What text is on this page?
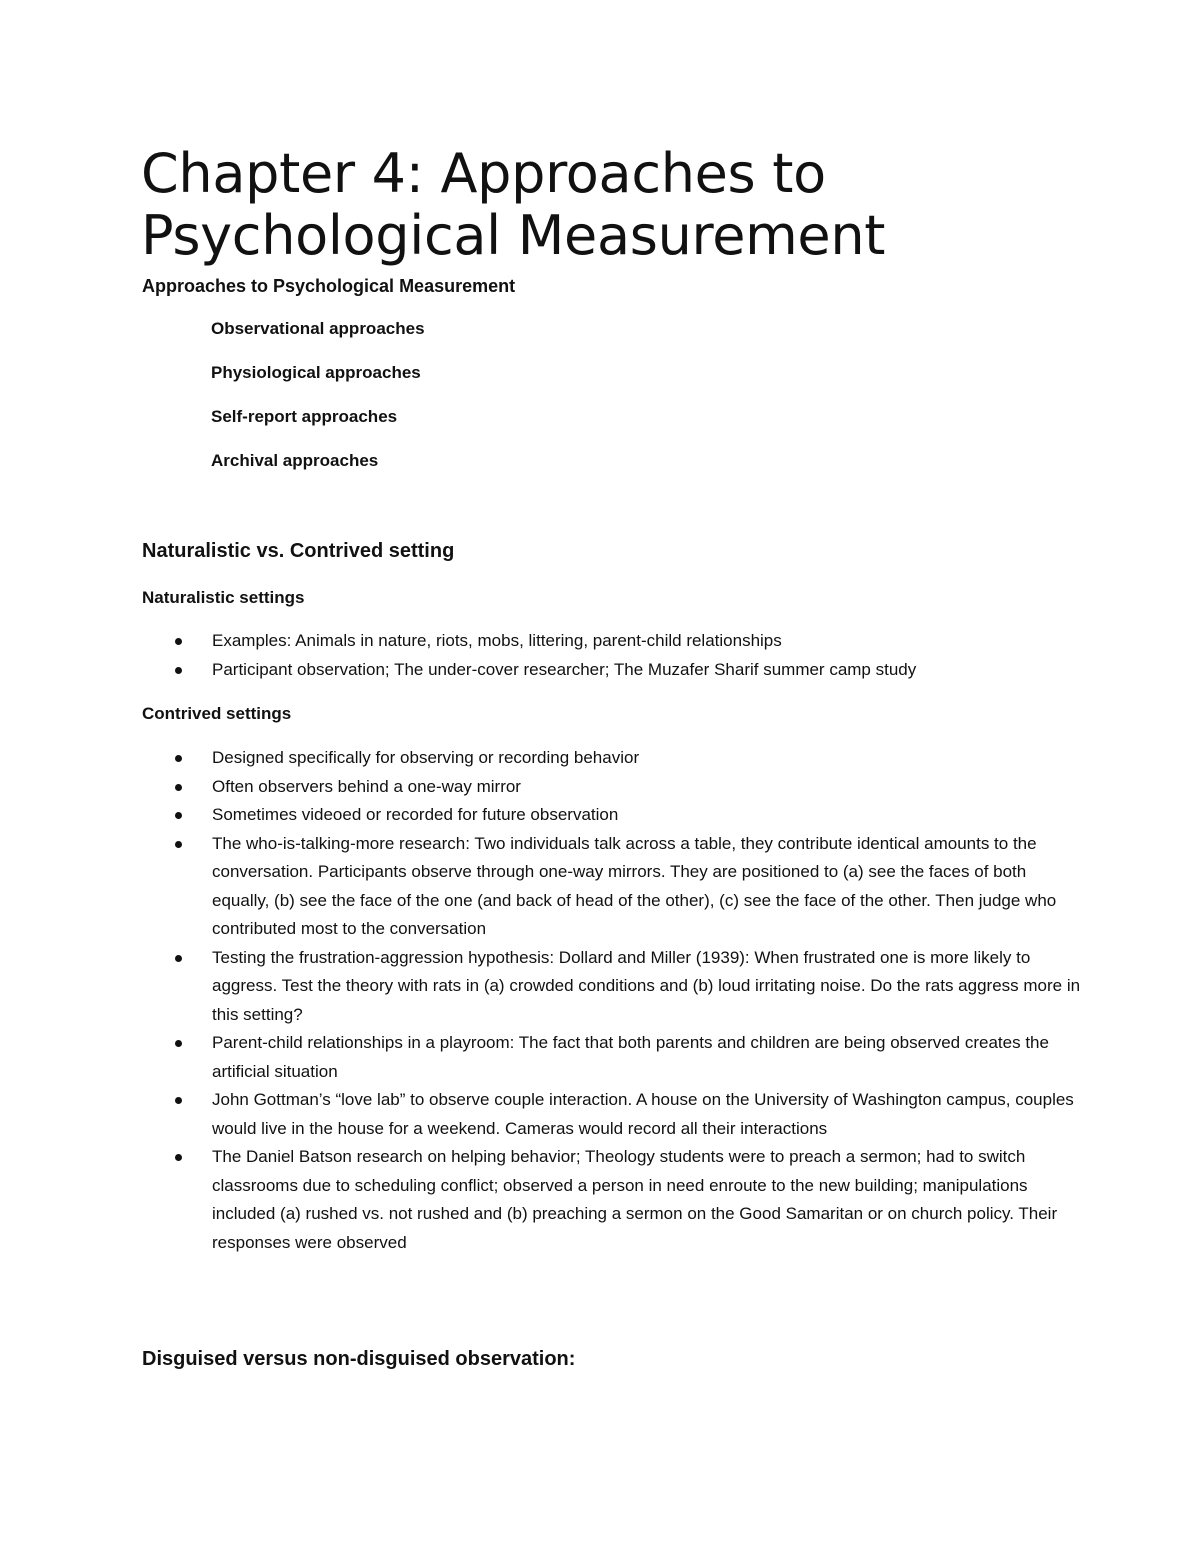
Chapter 4: Approaches to Psychological Measurement
Approaches to Psychological Measurement
Observational approaches
Physiological approaches
Self-report approaches
Archival approaches
Naturalistic vs. Contrived setting
Naturalistic settings
Examples: Animals in nature, riots, mobs, littering, parent-child relationships
Participant observation; The under-cover researcher; The Muzafer Sharif summer camp study
Contrived settings
Designed specifically for observing or recording behavior
Often observers behind a one-way mirror
Sometimes videoed or recorded for future observation
The who-is-talking-more research: Two individuals talk across a table, they contribute identical amounts to the conversation. Participants observe through one-way mirrors. They are positioned to (a) see the faces of both equally, (b) see the face of the one (and back of head of the other), (c) see the face of the other. Then judge who contributed most to the conversation
Testing the frustration-aggression hypothesis: Dollard and Miller (1939): When frustrated one is more likely to aggress. Test the theory with rats in (a) crowded conditions and (b) loud irritating noise. Do the rats aggress more in this setting?
Parent-child relationships in a playroom: The fact that both parents and children are being observed creates the artificial situation
John Gottman’s “love lab” to observe couple interaction. A house on the University of Washington campus, couples would live in the house for a weekend. Cameras would record all their interactions
The Daniel Batson research on helping behavior; Theology students were to preach a sermon; had to switch classrooms due to scheduling conflict; observed a person in need enroute to the new building; manipulations included (a) rushed vs. not rushed and (b) preaching a sermon on the Good Samaritan or on church policy. Their responses were observed
Disguised versus non-disguised observation:
